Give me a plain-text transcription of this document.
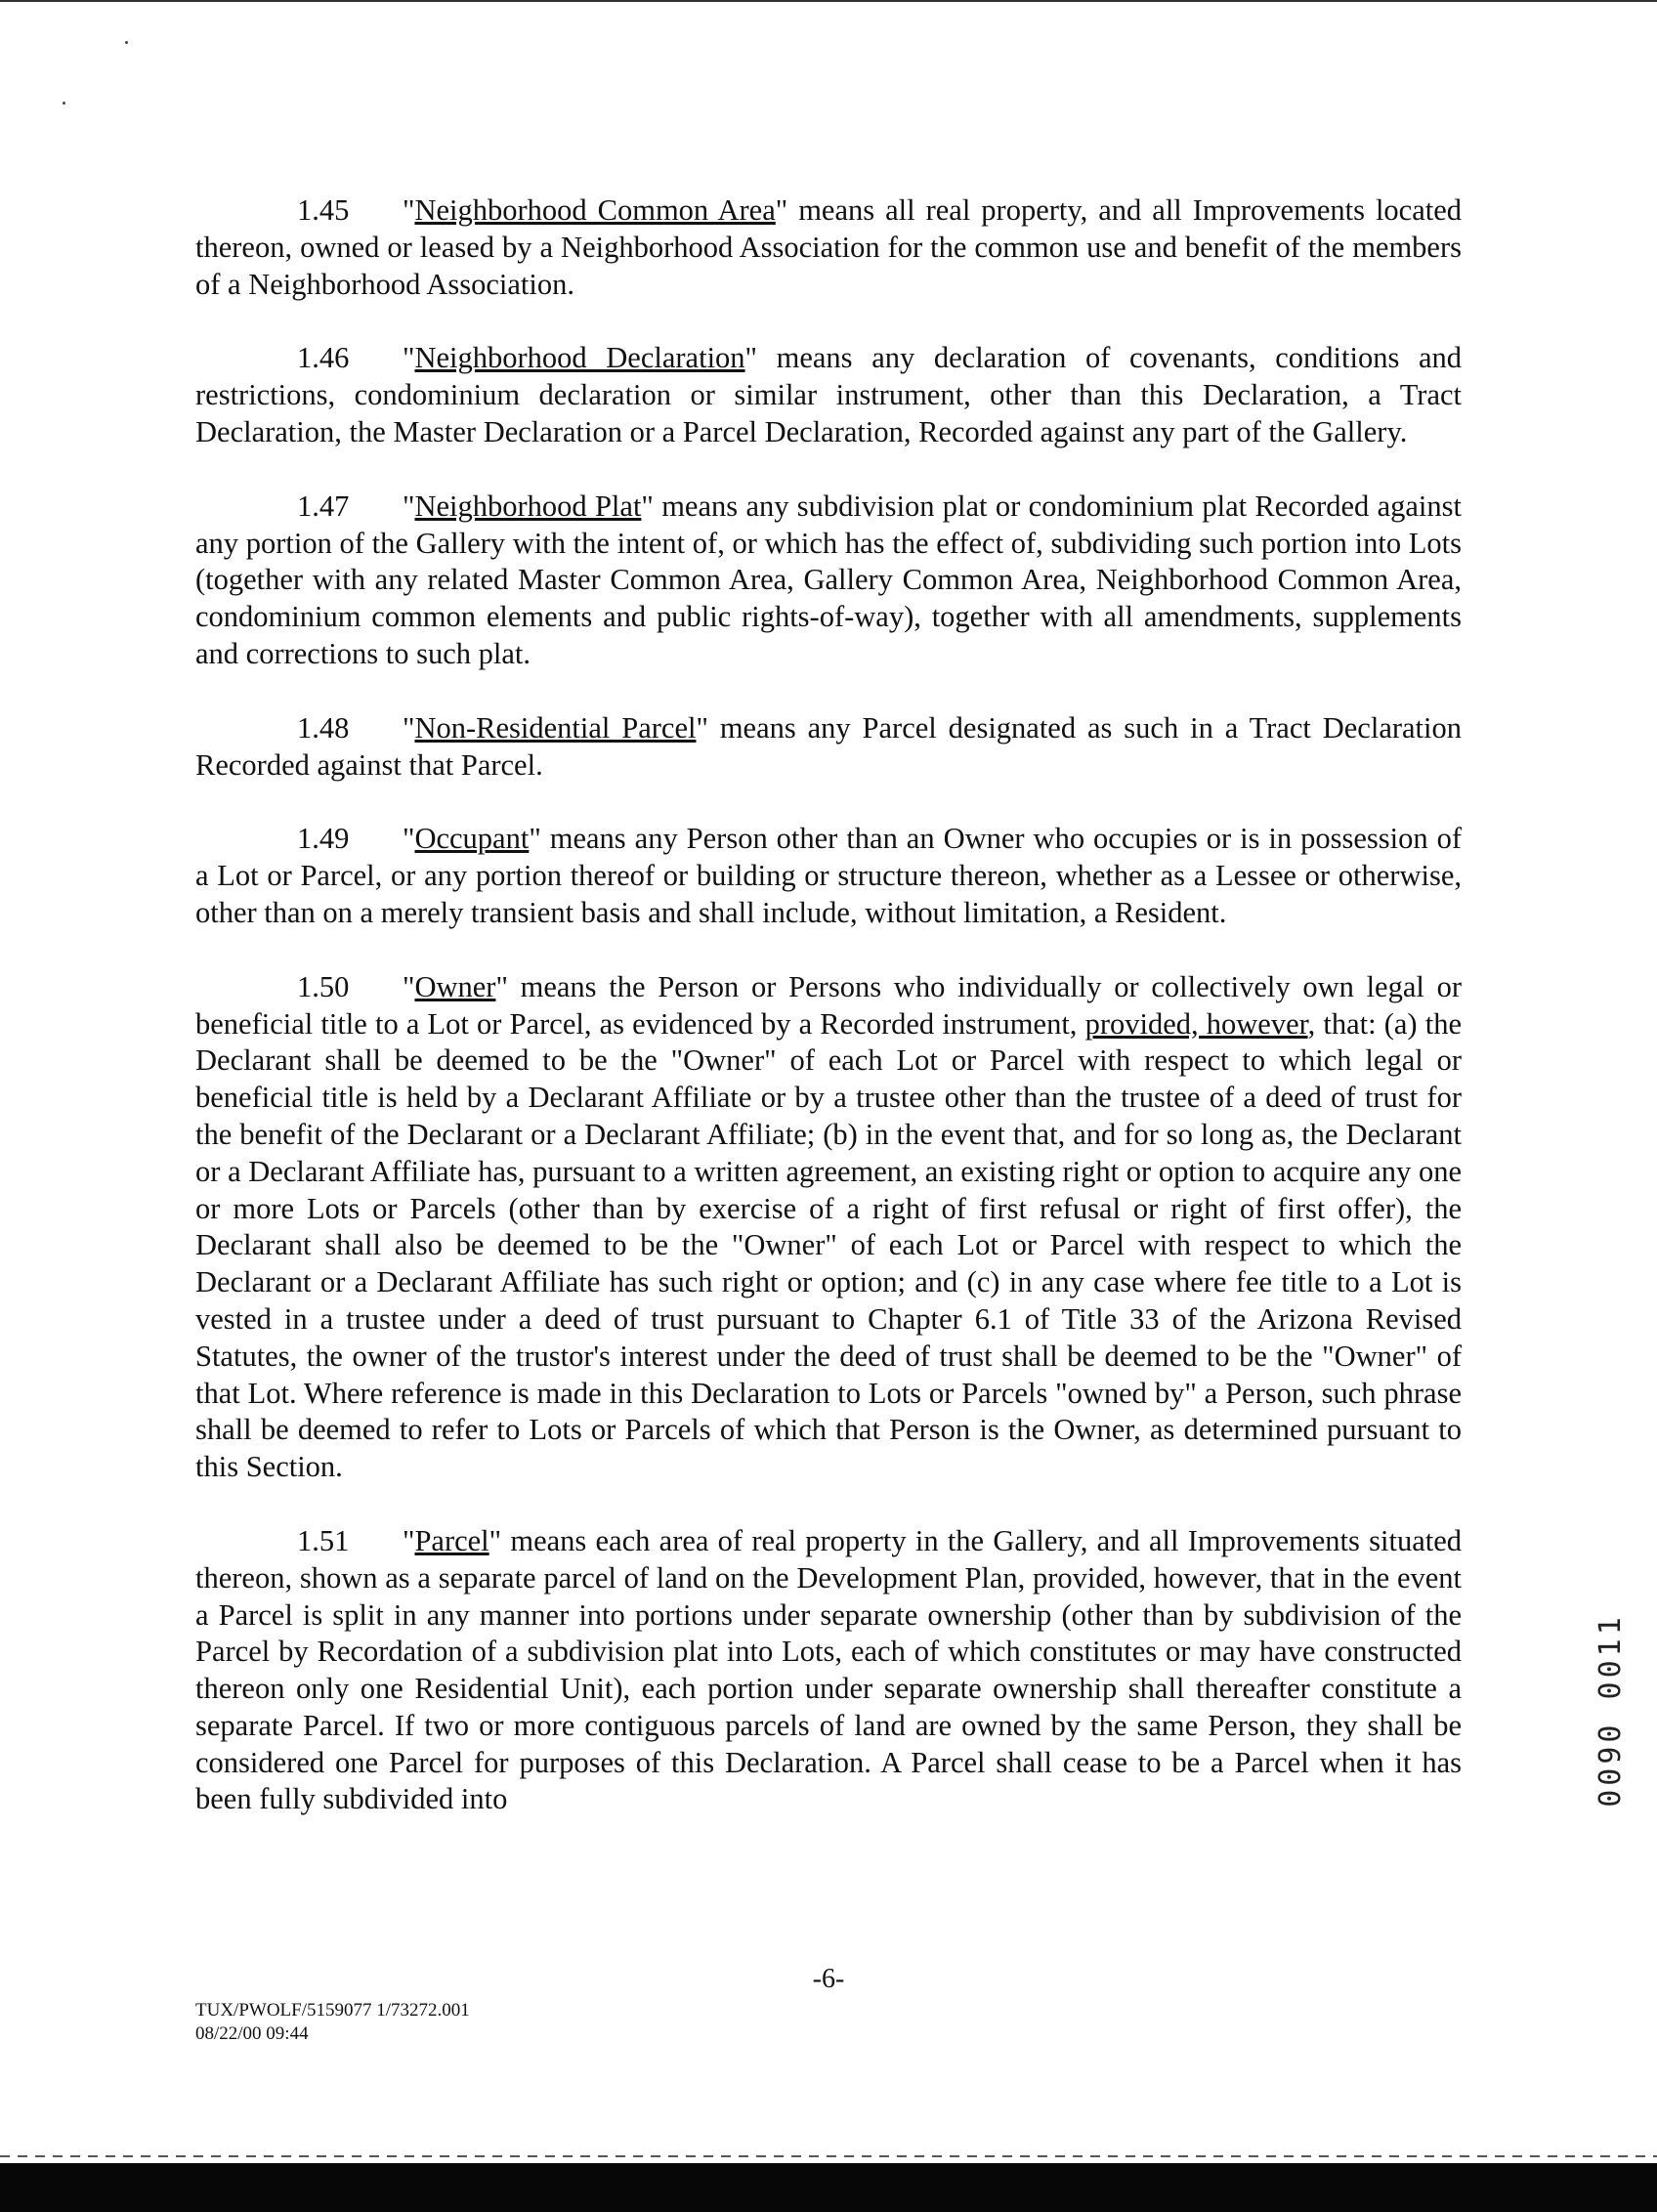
1.45 "Neighborhood Common Area" means all real property, and all Improvements located thereon, owned or leased by a Neighborhood Association for the common use and benefit of the members of a Neighborhood Association.

1.46 "Neighborhood Declaration" means any declaration of covenants, conditions and restrictions, condominium declaration or similar instrument, other than this Declaration, a Tract Declaration, the Master Declaration or a Parcel Declaration, Recorded against any part of the Gallery.

1.47 "Neighborhood Plat" means any subdivision plat or condominium plat Recorded against any portion of the Gallery with the intent of, or which has the effect of, subdividing such portion into Lots (together with any related Master Common Area, Gallery Common Area, Neighborhood Common Area, condominium common elements and public rights-of-way), together with all amendments, supplements and corrections to such plat.

1.48 "Non-Residential Parcel" means any Parcel designated as such in a Tract Declaration Recorded against that Parcel.

1.49 "Occupant" means any Person other than an Owner who occupies or is in possession of a Lot or Parcel, or any portion thereof or building or structure thereon, whether as a Lessee or otherwise, other than on a merely transient basis and shall include, without limitation, a Resident.

1.50 "Owner" means the Person or Persons who individually or collectively own legal or beneficial title to a Lot or Parcel, as evidenced by a Recorded instrument, provided, however, that: (a) the Declarant shall be deemed to be the "Owner" of each Lot or Parcel with respect to which legal or beneficial title is held by a Declarant Affiliate or by a trustee other than the trustee of a deed of trust for the benefit of the Declarant or a Declarant Affiliate; (b) in the event that, and for so long as, the Declarant or a Declarant Affiliate has, pursuant to a written agreement, an existing right or option to acquire any one or more Lots or Parcels (other than by exercise of a right of first refusal or right of first offer), the Declarant shall also be deemed to be the "Owner" of each Lot or Parcel with respect to which the Declarant or a Declarant Affiliate has such right or option; and (c) in any case where fee title to a Lot is vested in a trustee under a deed of trust pursuant to Chapter 6.1 of Title 33 of the Arizona Revised Statutes, the owner of the trustor's interest under the deed of trust shall be deemed to be the "Owner" of that Lot. Where reference is made in this Declaration to Lots or Parcels "owned by" a Person, such phrase shall be deemed to refer to Lots or Parcels of which that Person is the Owner, as determined pursuant to this Section.

1.51 "Parcel" means each area of real property in the Gallery, and all Improvements situated thereon, shown as a separate parcel of land on the Development Plan, provided, however, that in the event a Parcel is split in any manner into portions under separate ownership (other than by subdivision of the Parcel by Recordation of a subdivision plat into Lots, each of which constitutes or may have constructed thereon only one Residential Unit), each portion under separate ownership shall thereafter constitute a separate Parcel. If two or more contiguous parcels of land are owned by the same Person, they shall be considered one Parcel for purposes of this Declaration. A Parcel shall cease to be a Parcel when it has been fully subdivided into

-6-
TUX/PWOLF/5159077 1/73272.001
08/22/00 09:44
0090 0011
